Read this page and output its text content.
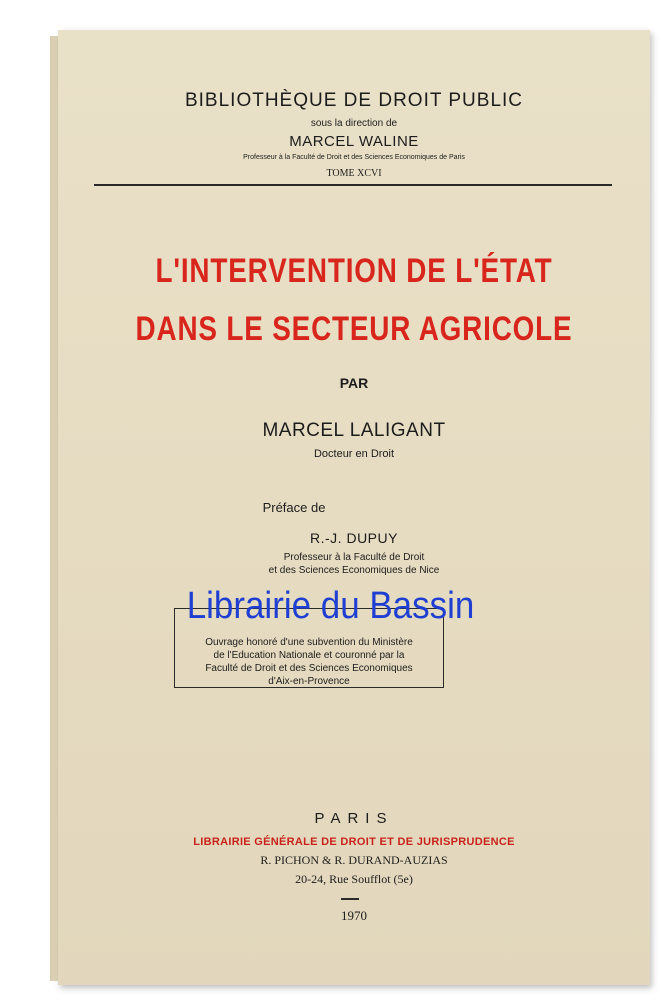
BIBLIOTHÈQUE DE DROIT PUBLIC
sous la direction de
MARCEL WALINE
Professeur à la Faculté de Droit et des Sciences Economiques de Paris
TOME XCVI
L'INTERVENTION DE L'ÉTAT
DANS LE SECTEUR AGRICOLE
PAR
MARCEL LALIGANT
Docteur en Droit
Préface de
R.-J. DUPUY
Professeur à la Faculté de Droit
et des Sciences Economiques de Nice
Ouvrage honoré d'une subvention du Ministère
de l'Education Nationale et couronné par la
Faculté de Droit et des Sciences Economiques
d'Aix-en-Provence
PARIS
LIBRAIRIE GÉNÉRALE DE DROIT ET DE JURISPRUDENCE
R. PICHON & R. DURAND-AUZIAS
20-24, Rue Soufflot (5e)
1970
Librairie du Bassin
